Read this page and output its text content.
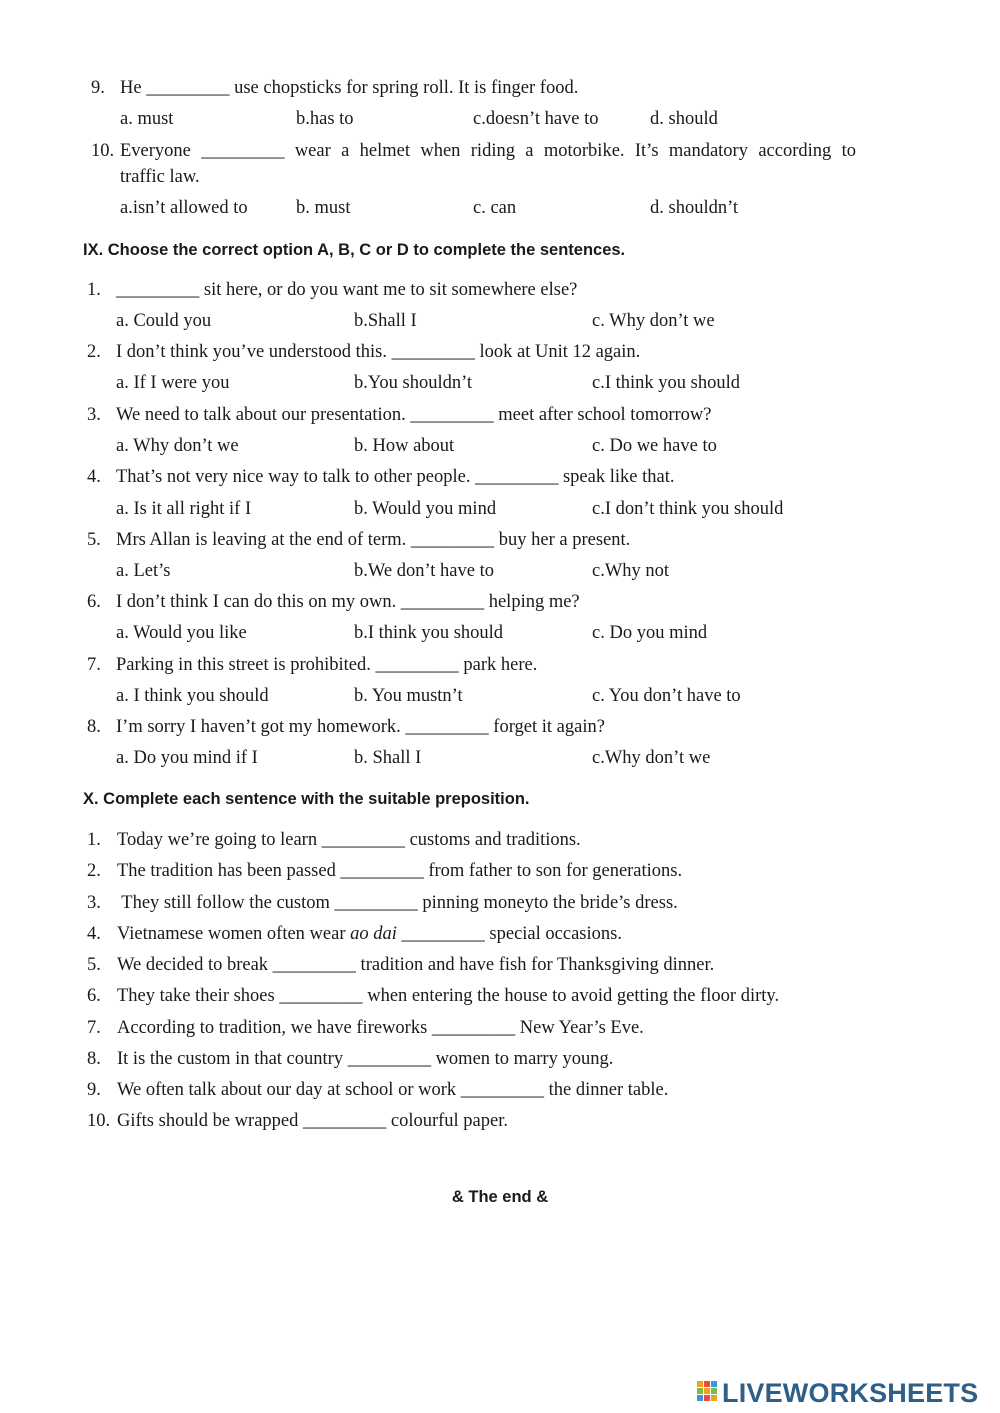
9. He _________ use chopsticks for spring roll. It is finger food.
a. must	b.has to	c.doesn’t have to	d. should
10. Everyone _________ wear a helmet when riding a motorbike. It’s mandatory according to
traffic law.
a.isn’t allowed to	b. must	c. can	d. shouldn’t
IX. Choose the correct option A, B, C or D to complete the sentences.
1. _________ sit here, or do you want me to sit somewhere else?
a. Could you	b.Shall I	c. Why don’t we
2. I don’t think you’ve understood this. _________ look at Unit 12 again.
a. If I were you	b.You shouldn’t	c.I think you should
3. We need to talk about our presentation. _________ meet after school tomorrow?
a. Why don’t we	b. How about	c. Do we have to
4. That’s not very nice way to talk to other people. _________ speak like that.
a. Is it all right if I	b. Would you mind	c.I don’t think you should
5. Mrs Allan is leaving at the end of term. _________ buy her a present.
a. Let’s	b.We don’t have to	c.Why not
6. I don’t think I can do this on my own. _________ helping me?
a. Would you like	b.I think you should	c. Do you mind
7. Parking in this street is prohibited. _________ park here.
a. I think you should	b. You mustn’t	c. You don’t have to
8. I’m sorry I haven’t got my homework. _________ forget it again?
a. Do you mind if I	b. Shall I	c.Why don’t we
X. Complete each sentence with the suitable preposition.
1. Today we’re going to learn _________ customs and traditions.
2. The tradition has been passed _________ from father to son for generations.
3. They still follow the custom _________ pinning moneyto the bride’s dress.
4. Vietnamese women often wear ao dai _________ special occasions.
5. We decided to break _________ tradition and have fish for Thanksgiving dinner.
6. They take their shoes _________ when entering the house to avoid getting the floor dirty.
7. According to tradition, we have fireworks _________ New Year’s Eve.
8. It is the custom in that country _________ women to marry young.
9. We often talk about our day at school or work _________ the dinner table.
10. Gifts should be wrapped _________ colourful paper.
& The end &
LIVEWORKSHEETS
